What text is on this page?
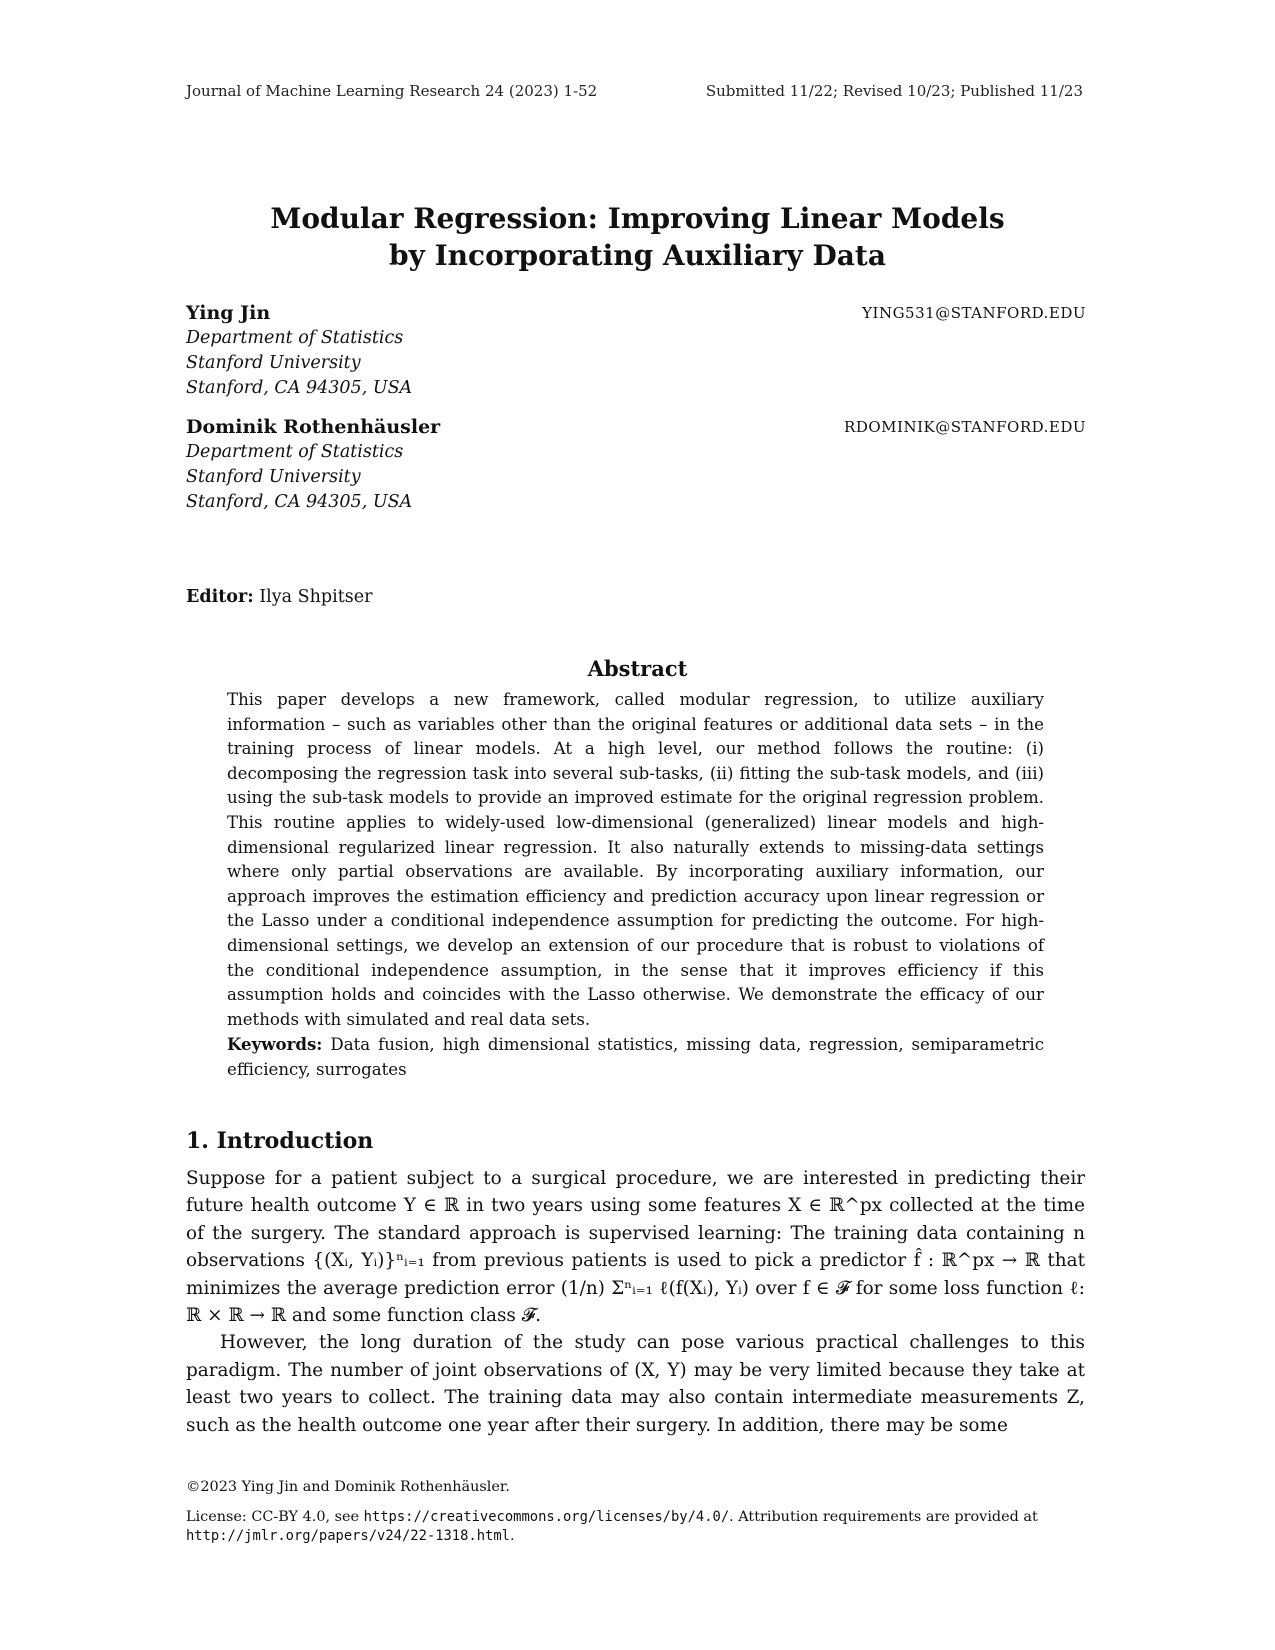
Journal of Machine Learning Research 24 (2023) 1-52	Submitted 11/22; Revised 10/23; Published 11/23
Modular Regression: Improving Linear Models
by Incorporating Auxiliary Data
Ying Jin	YING531@STANFORD.EDU
Department of Statistics
Stanford University
Stanford, CA 94305, USA
Dominik Rothenhäusler	RDOMINIK@STANFORD.EDU
Department of Statistics
Stanford University
Stanford, CA 94305, USA
Editor: Ilya Shpitser
Abstract

This paper develops a new framework, called modular regression, to utilize auxiliary information – such as variables other than the original features or additional data sets – in the training process of linear models. At a high level, our method follows the routine: (i) decomposing the regression task into several sub-tasks, (ii) fitting the sub-task models, and (iii) using the sub-task models to provide an improved estimate for the original regression problem. This routine applies to widely-used low-dimensional (generalized) linear models and high-dimensional regularized linear regression. It also naturally extends to missing-data settings where only partial observations are available. By incorporating auxiliary information, our approach improves the estimation efficiency and prediction accuracy upon linear regression or the Lasso under a conditional independence assumption for predicting the outcome. For high-dimensional settings, we develop an extension of our procedure that is robust to violations of the conditional independence assumption, in the sense that it improves efficiency if this assumption holds and coincides with the Lasso otherwise. We demonstrate the efficacy of our methods with simulated and real data sets.

Keywords: Data fusion, high dimensional statistics, missing data, regression, semiparametric efficiency, surrogates

1. Introduction

Suppose for a patient subject to a surgical procedure, we are interested in predicting their future health outcome Y ∈ ℝ in two years using some features X ∈ ℝ^px collected at the time of the surgery. The standard approach is supervised learning: The training data containing n observations {(Xᵢ, Yᵢ)}ⁿᵢ₌₁ from previous patients is used to pick a predictor f̂ : ℝ^px → ℝ that minimizes the average prediction error (1/n) Σⁿᵢ₌₁ ℓ(f(Xᵢ), Yᵢ) over f ∈ 𝓕 for some loss function ℓ: ℝ × ℝ → ℝ and some function class 𝓕.

However, the long duration of the study can pose various practical challenges to this paradigm. The number of joint observations of (X, Y) may be very limited because they take at least two years to collect. The training data may also contain intermediate measurements Z, such as the health outcome one year after their surgery. In addition, there may be some

©2023 Ying Jin and Dominik Rothenhäusler.
License: CC-BY 4.0, see https://creativecommons.org/licenses/by/4.0/. Attribution requirements are provided at http://jmlr.org/papers/v24/22-1318.html.
